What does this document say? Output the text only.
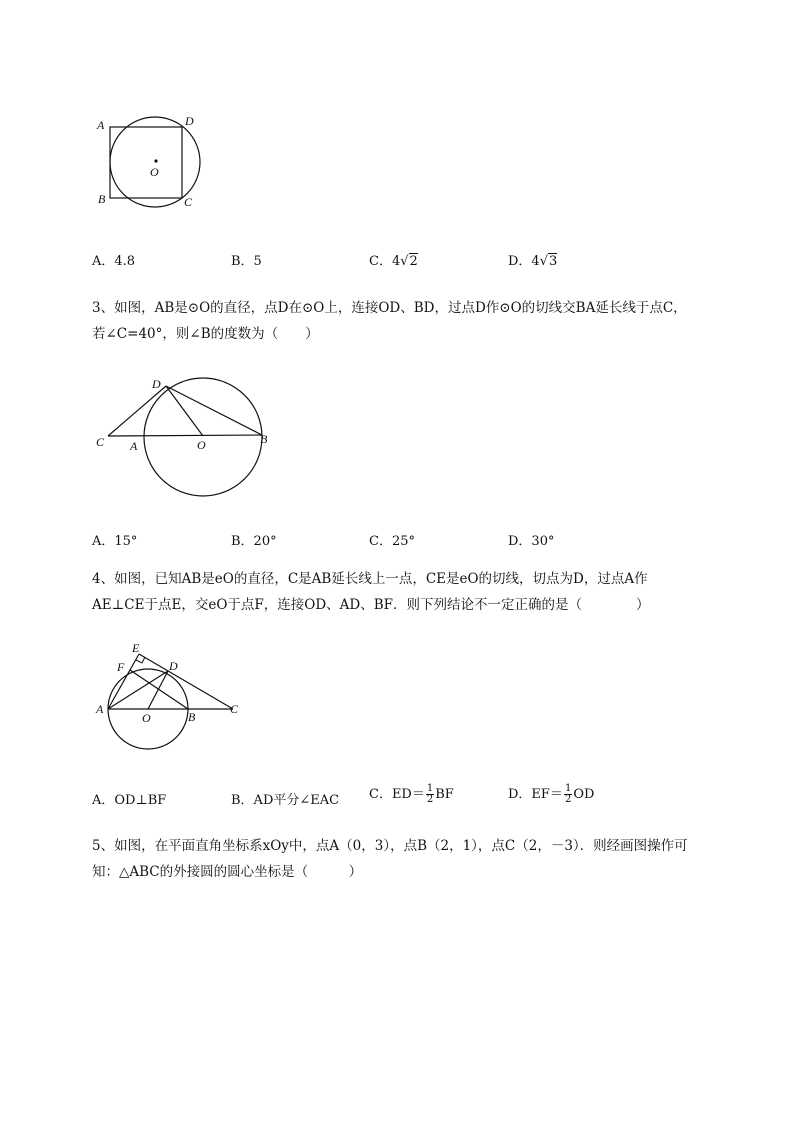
A	D
O
B	C
A．4.8	B．5	C．4√2	D．4√3
3、如图，AB是⊙O的直径，点D在⊙O上，连接OD、BD，过点D作⊙O的切线交BA延长线于点C，
若∠C=40°，则∠B的度数为（　　）
D
C A	O	B
A．15°	B．20°	C．25°	D．30°
4、如图，已知AB是eO的直径，C是AB延长线上一点，CE是eO的切线，切点为D，过点A作
AE⊥CE于点E，交eO于点F，连接OD、AD、BF．则下列结论不一定正确的是（　　　　）
E
F	D
A
O	B
C
A．OD⊥BF	B．AD平分∠EAC C．$ED= \frac{1}{2}$ BF	D．$EF= \frac{1}{2}$ OD
5、如图，在平面直角坐标系xOy中，点A（0，3），点B（2，1），点C（2，－3）．则经画图操作可
知：△ABC的外接圆的圆心坐标是（　　　）
